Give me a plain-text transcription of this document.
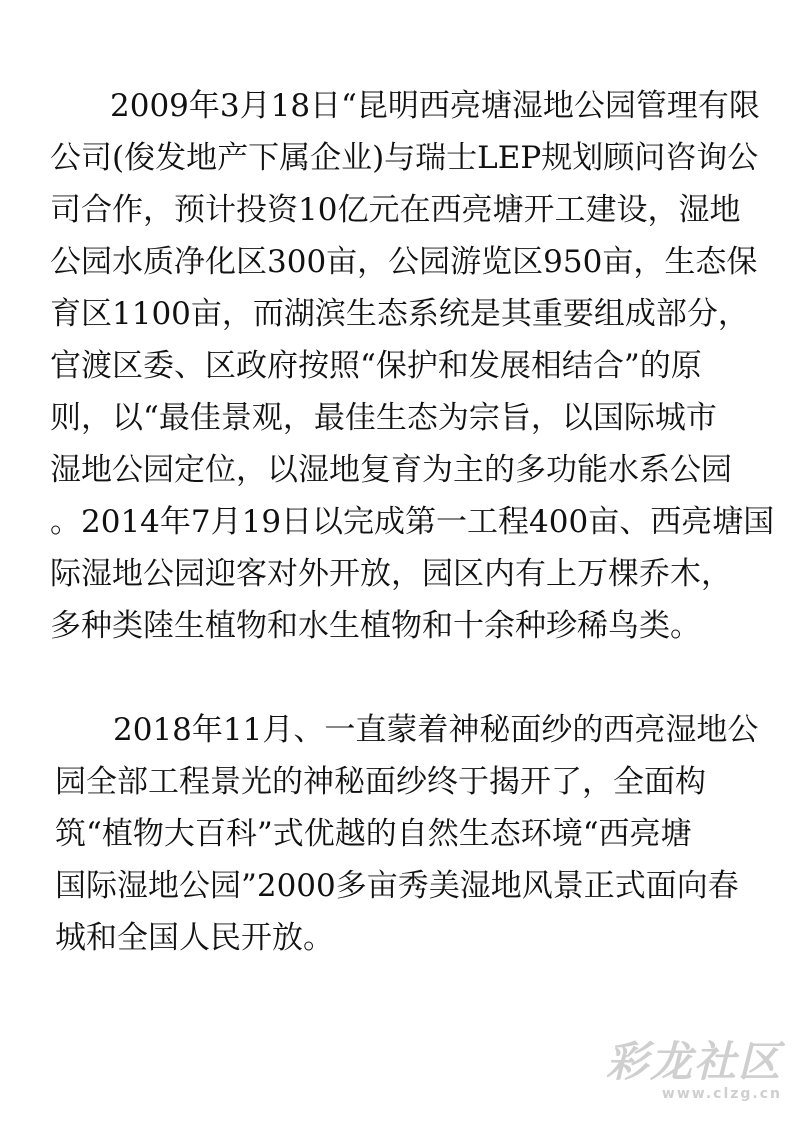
2009年3月18日“昆明西亮塘湿地公园管理有限

公司(俊发地产下属企业)与瑞士LEP规划顾问咨询公

司合作，预计投资10亿元在西亮塘开工建设，湿地

公园水质净化区300亩，公园游览区950亩，生态保

育区1100亩，而湖滨生态系统是其重要组成部分，

官渡区委、区政府按照“保护和发展相结合”的原

则，以“最佳景观，最佳生态为宗旨，以国际城市

湿地公园定位，以湿地复育为主的多功能水系公园

。2014年7月19日以完成第一工程400亩、西亮塘国

际湿地公园迎客对外开放，园区内有上万棵乔木，

多种类陸生植物和水生植物和十余种珍稀鸟类。

2018年11月、一直蒙着神秘面纱的西亮湿地公

园全部工程景光的神秘面纱终于揭开了，全面构

筑“植物大百科”式优越的自然生态环境“西亮塘

国际湿地公园”2000多亩秀美湿地风景正式面向春

城和全国人民开放。

彩龙社区
www.clzg.cn
